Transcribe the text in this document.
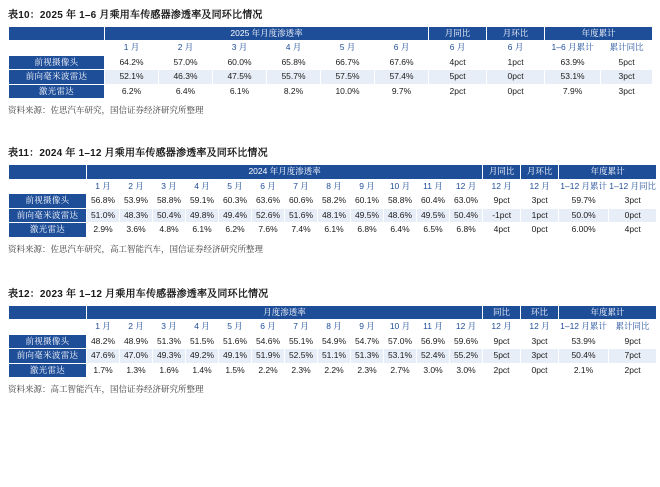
表10：2025 年 1–6 月乘用车传感器渗透率及同环比情况
	2025 年月度渗透率						月同比	月环比	年度累计	
	1 月	2 月	3 月	4 月	5 月	6 月	6 月	6 月	1–6 月累计	累计同比
前视摄像头	64.2%	57.0%	60.0%	65.8%	66.7%	67.6%	4pct	1pct	63.9%	5pct
前向毫米波雷达	52.1%	46.3%	47.5%	55.7%	57.5%	57.4%	5pct	0pct	53.1%	3pct
激光雷达	6.2%	6.4%	6.1%	8.2%	10.0%	9.7%	2pct	0pct	7.9%	3pct
资料来源：佐思汽车研究，国信证券经济研究所整理
表11：2024 年 1–12 月乘用车传感器渗透率及同环比情况
	2024 年月度渗透率												月同比	月环比	年度累计	
	1 月	2 月	3 月	4 月	5 月	6 月	7 月	8 月	9 月	10 月	11 月	12 月	12 月	12 月	1–12 月累计	1–12 月同比
前视摄像头	56.8%	53.9%	58.8%	59.1%	60.3%	63.6%	60.6%	58.2%	60.1%	58.8%	60.4%	63.0%	9pct	3pct	59.7%	3pct
前向毫米波雷达	51.0%	48.3%	50.4%	49.8%	49.4%	52.6%	51.6%	48.1%	49.5%	48.6%	49.5%	50.4%	-1pct	1pct	50.0%	0pct
激光雷达	2.9%	3.6%	4.8%	6.1%	6.2%	7.6%	7.4%	6.1%	6.8%	6.4%	6.5%	6.8%	4pct	0pct	6.00%	4pct
资料来源：佐思汽车研究，高工智能汽车，国信证券经济研究所整理
表12：2023 年 1–12 月乘用车传感器渗透率及同环比情况
	月度渗透率												同比	环比	年度累计	
	1 月	2 月	3 月	4 月	5 月	6 月	7 月	8 月	9 月	10 月	11 月	12 月	12 月	12 月	1–12 月累计	累计同比
前视摄像头	48.2%	48.9%	51.3%	51.5%	51.6%	54.6%	55.1%	54.9%	54.7%	57.0%	56.9%	59.6%	9pct	3pct	53.9%	9pct
前向毫米波雷达	47.6%	47.0%	49.3%	49.2%	49.1%	51.9%	52.5%	51.1%	51.3%	53.1%	52.4%	55.2%	5pct	3pct	50.4%	7pct
激光雷达	1.7%	1.3%	1.6%	1.4%	1.5%	2.2%	2.3%	2.2%	2.3%	2.7%	3.0%	3.0%	2pct	0pct	2.1%	2pct
资料来源：高工智能汽车，国信证券经济研究所整理
